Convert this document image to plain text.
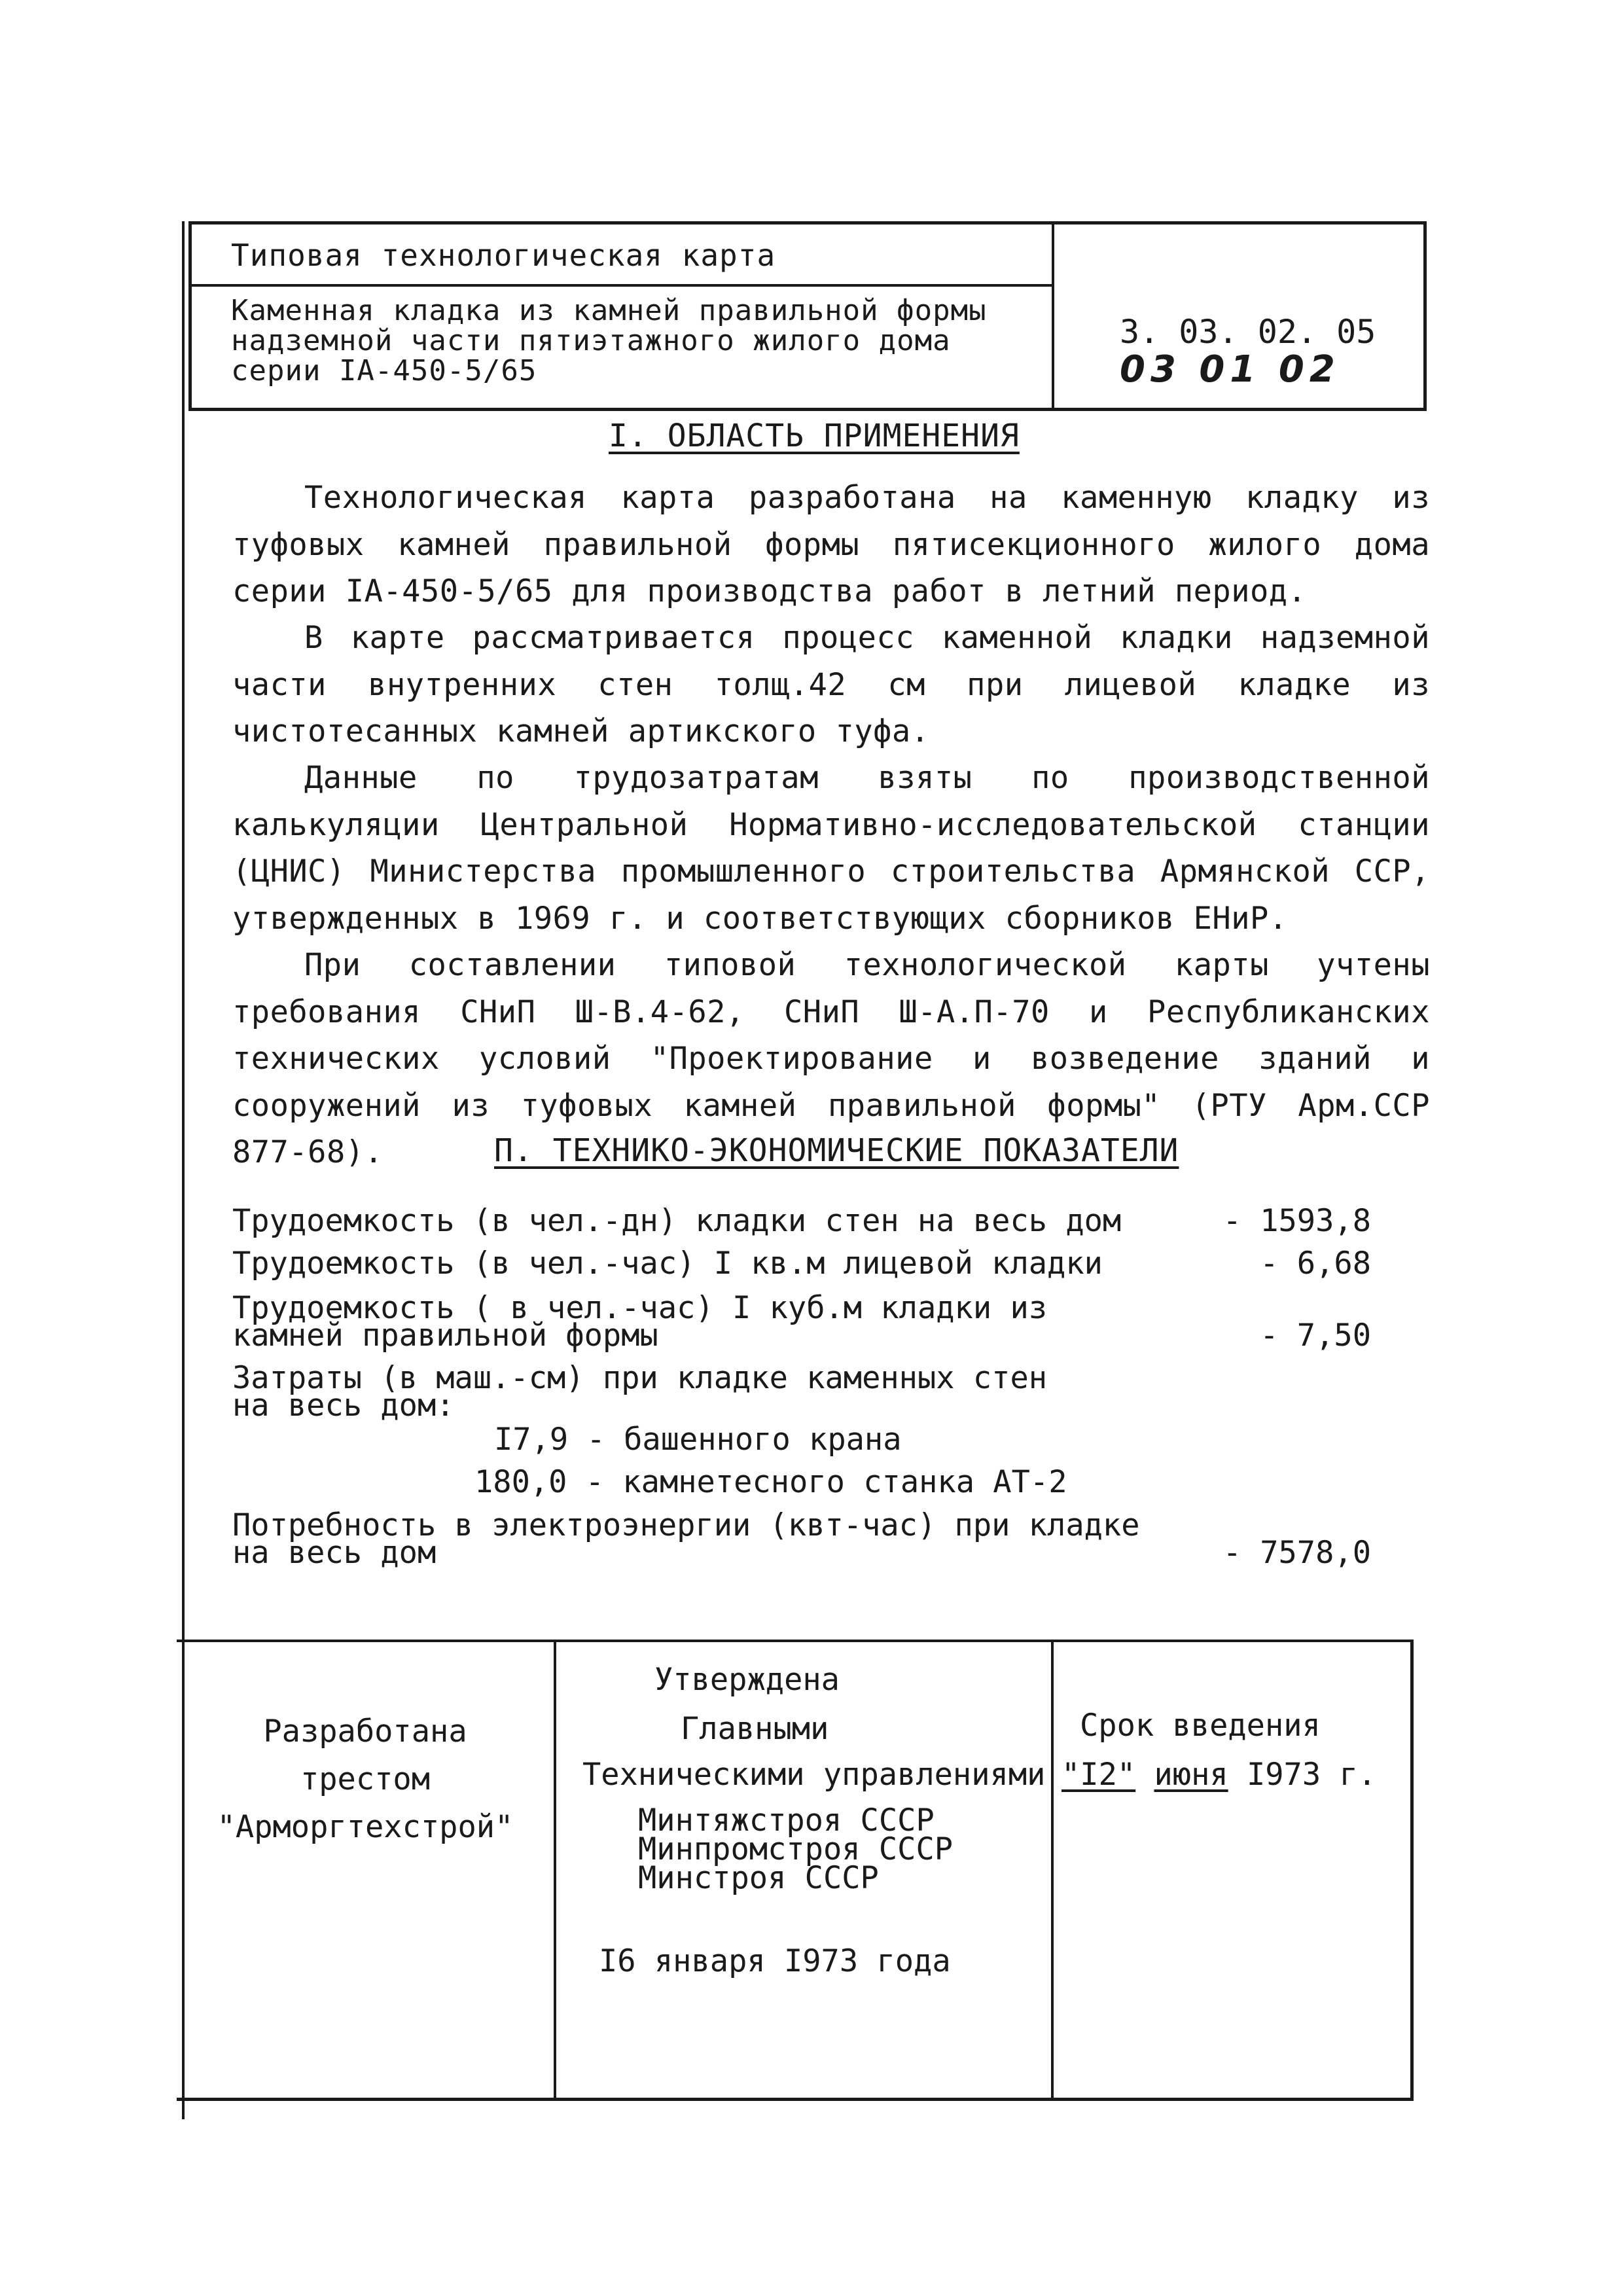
Типовая технологическая карта
Каменная кладка из камней правильной формы
надземной части пятиэтажного жилого дома
серии IA-450-5/65
3. 03. 02. 05
03 01 02
I. ОБЛАСТЬ ПРИМЕНЕНИЯ

Технологическая карта разработана на каменную кладку из туфовых камней правильной формы пятисекционного жилого дома серии IA-450-5/65 для производства работ в летний период.

В карте рассматривается процесс каменной кладки надземной части внутренних стен толщ.42 см при лицевой кладке из чистотесанных камней артикского туфа.

Данные по трудозатратам взяты по производственной калькуляции Центральной Нормативно-исследовательской станции (ЦНИС) Министерства промышленного строительства Армянской ССР, утвержденных в 1969 г. и соответствующих сборников ЕНиР.

При составлении типовой технологической карты учтены требования СНиП Ш-В.4-62, СНиП Ш-А.П-70 и Республиканских технических условий "Проектирование и возведение зданий и сооружений из туфовых камней правильной формы" (РТУ Арм.ССР 877-68).	П. ТЕХНИКО-ЭКОНОМИЧЕСКИЕ ПОКАЗАТЕЛИ
Трудоемкость (в чел.-дн) кладки стен на весь дом	- 1593,8
Трудоемкость (в чел.-час) I кв.м лицевой кладки	- 6,68
Трудоемкость ( в чел.-час) I куб.м кладки из
камней правильной формы	- 7,50
Затраты (в маш.-см) при кладке каменных стен
на весь дом:
I7,9 - башенного крана
180,0 - камнетесного станка АТ-2
Потребность в электроэнергии (квт-час) при кладке
на весь дом	- 7578,0
Разработана
трестом
"Арморгтехстрой"
Утверждена
Главными
Техническими управлениями
Минтяжстроя СССР
Минпромстроя СССР
Минстроя СССР
I6 января I973 года
Срок введения
"I2" июня I973 г.
